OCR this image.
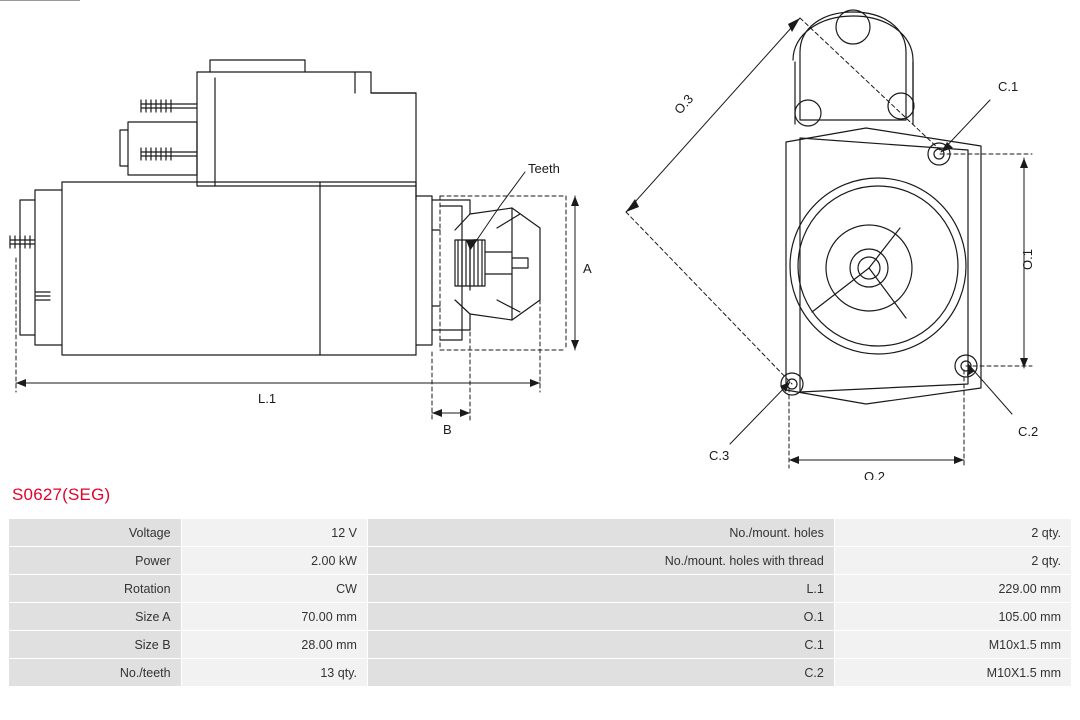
Teeth
L.1
A
B
O.3
O.1
O.2
C.1
C.2
C.3
S0627(SEG)
Voltage	12 V	No./mount. holes	2 qty.
Power	2.00 kW	No./mount. holes with thread	2 qty.
Rotation	CW	L.1	229.00 mm
Size A	70.00 mm	O.1	105.00 mm
Size B	28.00 mm	C.1	M10x1.5 mm
No./teeth	13 qty.	C.2	M10X1.5 mm
